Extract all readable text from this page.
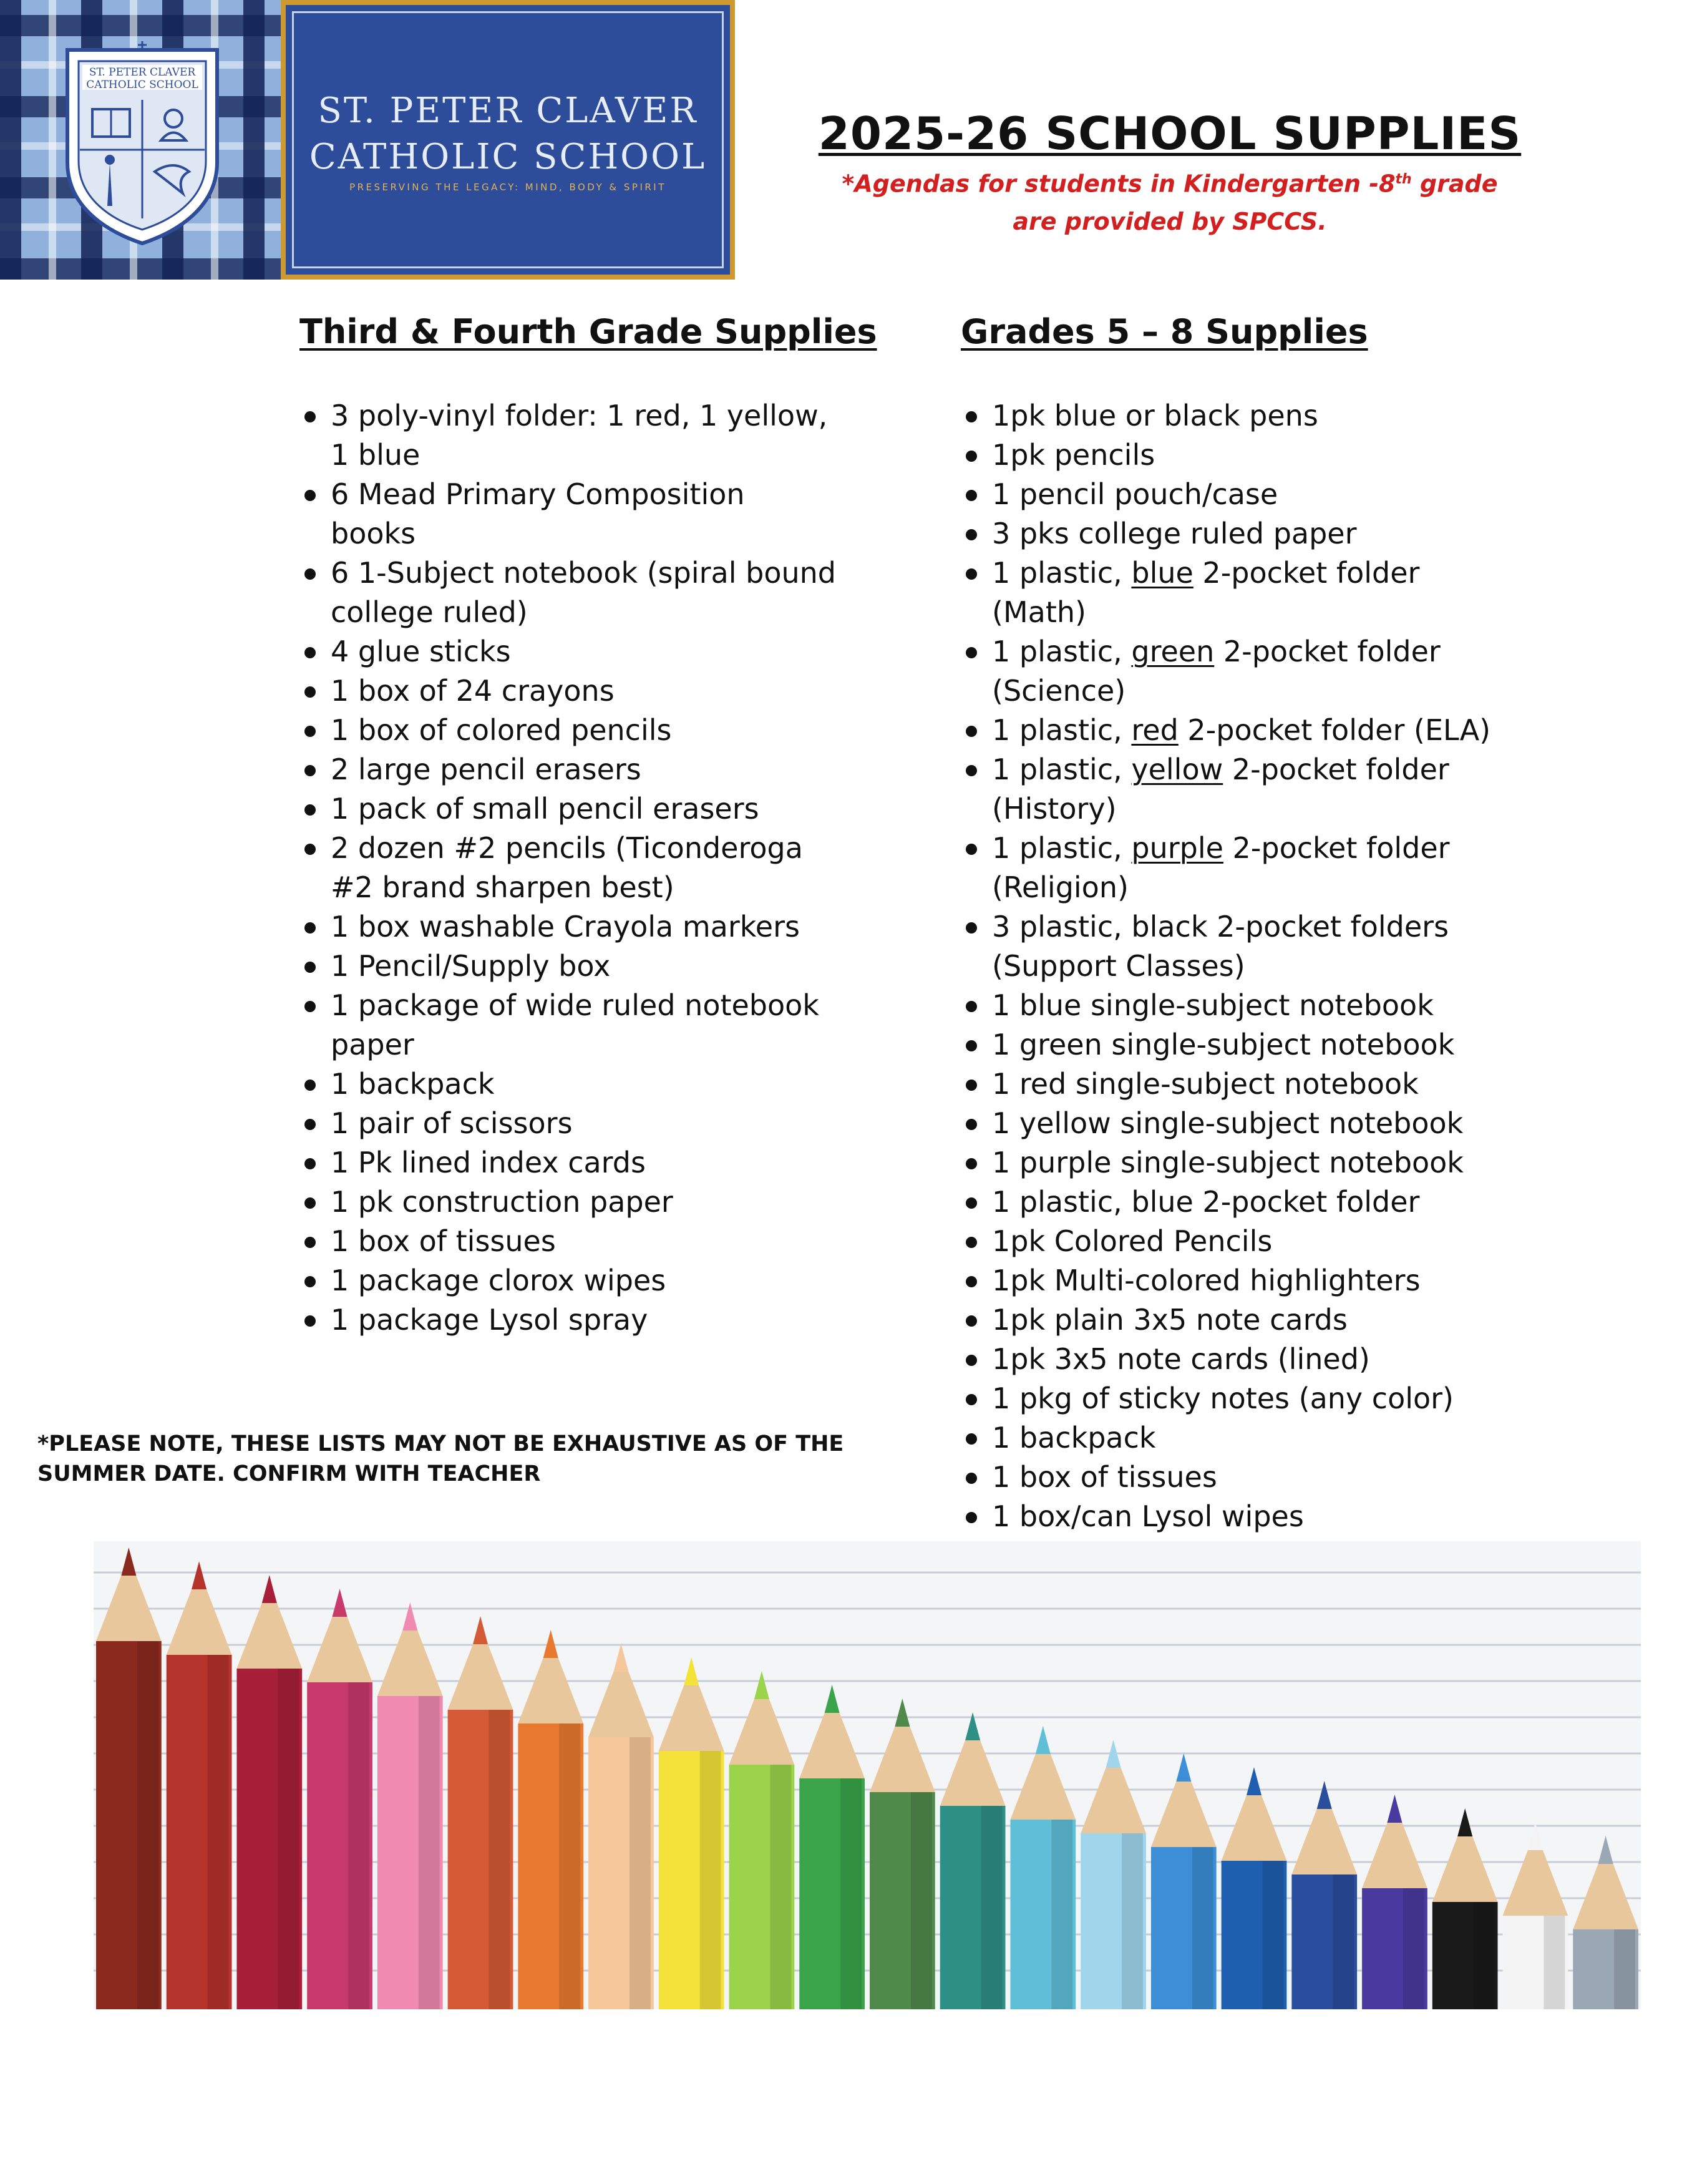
ST. PETER CLAVER CATHOLIC SCHOOL
ST. PETER CLAVER
CATHOLIC SCHOOL
PRESERVING THE LEGACY: MIND, BODY & SPIRIT
2025-26 SCHOOL SUPPLIES
*Agendas for students in Kindergarten -8th grade
are provided by SPCCS.
Third & Fourth Grade Supplies Grades 5 – 8 Supplies
3 poly-vinyl folder: 1 red, 1 yellow, 1 blue
6 Mead Primary Composition books
6 1-Subject notebook (spiral bound college ruled)
4 glue sticks
1 box of 24 crayons
1 box of colored pencils
2 large pencil erasers
1 pack of small pencil erasers
2 dozen #2 pencils (Ticonderoga #2 brand sharpen best)
1 box washable Crayola markers
1 Pencil/Supply box
1 package of wide ruled notebook paper
1 backpack
1 pair of scissors
1 Pk lined index cards
1 pk construction paper
1 box of tissues
1 package clorox wipes
1 package Lysol spray
1pk blue or black pens
1pk pencils
1 pencil pouch/case
3 pks college ruled paper
1 plastic, blue 2-pocket folder (Math)
1 plastic, green 2-pocket folder (Science)
1 plastic, red 2-pocket folder (ELA)
1 plastic, yellow 2-pocket folder (History)
1 plastic, purple 2-pocket folder (Religion)
3 plastic, black 2-pocket folders (Support Classes)
1 blue single-subject notebook
1 green single-subject notebook
1 red single-subject notebook
1 yellow single-subject notebook
1 purple single-subject notebook
1 plastic, blue 2-pocket folder
1pk Colored Pencils
1pk Multi-colored highlighters
1pk plain 3x5 note cards
1pk 3x5 note cards (lined)
1 pkg of sticky notes (any color)
1 backpack
1 box of tissues
1 box/can Lysol wipes
*PLEASE NOTE, THESE LISTS MAY NOT BE EXHAUSTIVE AS OF THE SUMMER DATE. CONFIRM WITH TEACHER
